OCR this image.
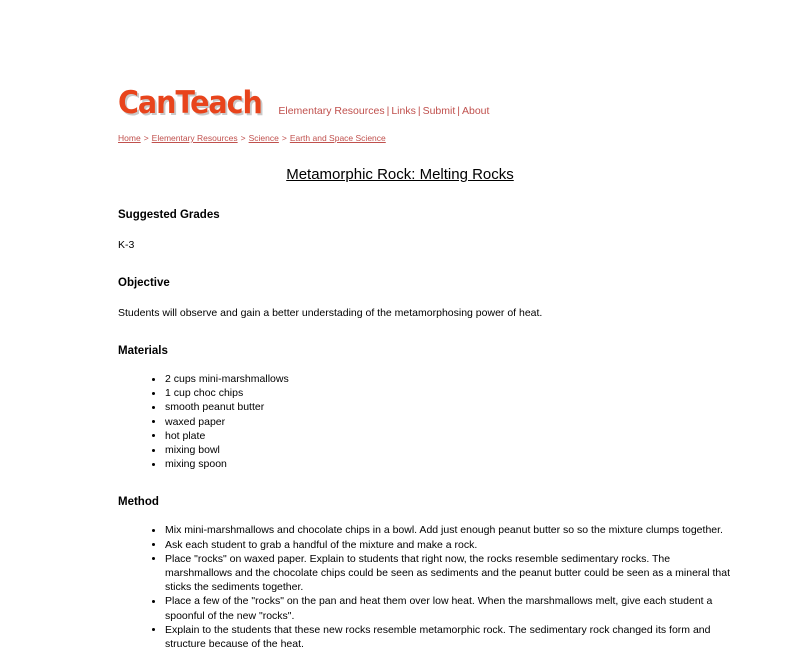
CanTeach Elementary Resources | Links | Submit | About
Home > Elementary Resources > Science > Earth and Space Science
Metamorphic Rock: Melting Rocks
Suggested Grades

K-3

Objective

Students will observe and gain a better understading of the metamorphosing power of heat.

Materials
2 cups mini-marshmallows
1 cup choc chips
smooth peanut butter
waxed paper
hot plate
mixing bowl
mixing spoon
Method
Mix mini-marshmallows and chocolate chips in a bowl. Add just enough peanut butter so so the mixture clumps together.
Ask each student to grab a handful of the mixture and make a rock.
Place "rocks" on waxed paper. Explain to students that right now, the rocks resemble sedimentary rocks. The marshmallows and the chocolate chips could be seen as sediments and the peanut butter could be seen as a mineral that sticks the sediments together.
Place a few of the "rocks" on the pan and heat them over low heat. When the marshmallows melt, give each student a spoonful of the new "rocks".
Explain to the students that these new rocks resemble metamorphic rock. The sedimentary rock changed its form and structure because of the heat.
